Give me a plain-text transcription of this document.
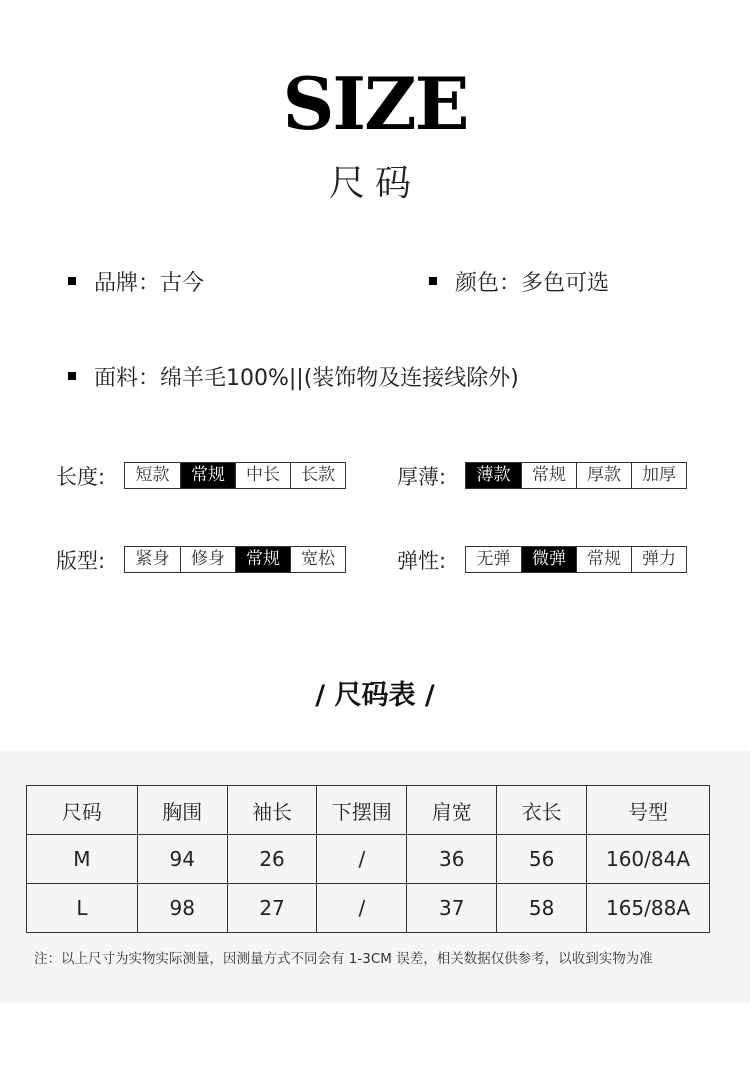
SIZE
尺码
品牌：古今	颜色：多色可选
面料：绵羊毛100%||(装饰物及连接线除外)
长度:	短款	常规	中长	长款	厚薄:	薄款	常规	厚款	加厚
版型:	紧身	修身	常规	宽松	弹性:	无弹	微弹	常规	弹力
/ 尺码表 /
尺码	胸围	袖长	下摆围	肩宽	衣长	号型
M	94	26	/	36	56	160/84A
L	98	27	/	37	58	165/88A
注：以上尺寸为实物实际测量，因测量方式不同会有 1-3CM 误差，相关数据仅供参考，以收到实物为准
